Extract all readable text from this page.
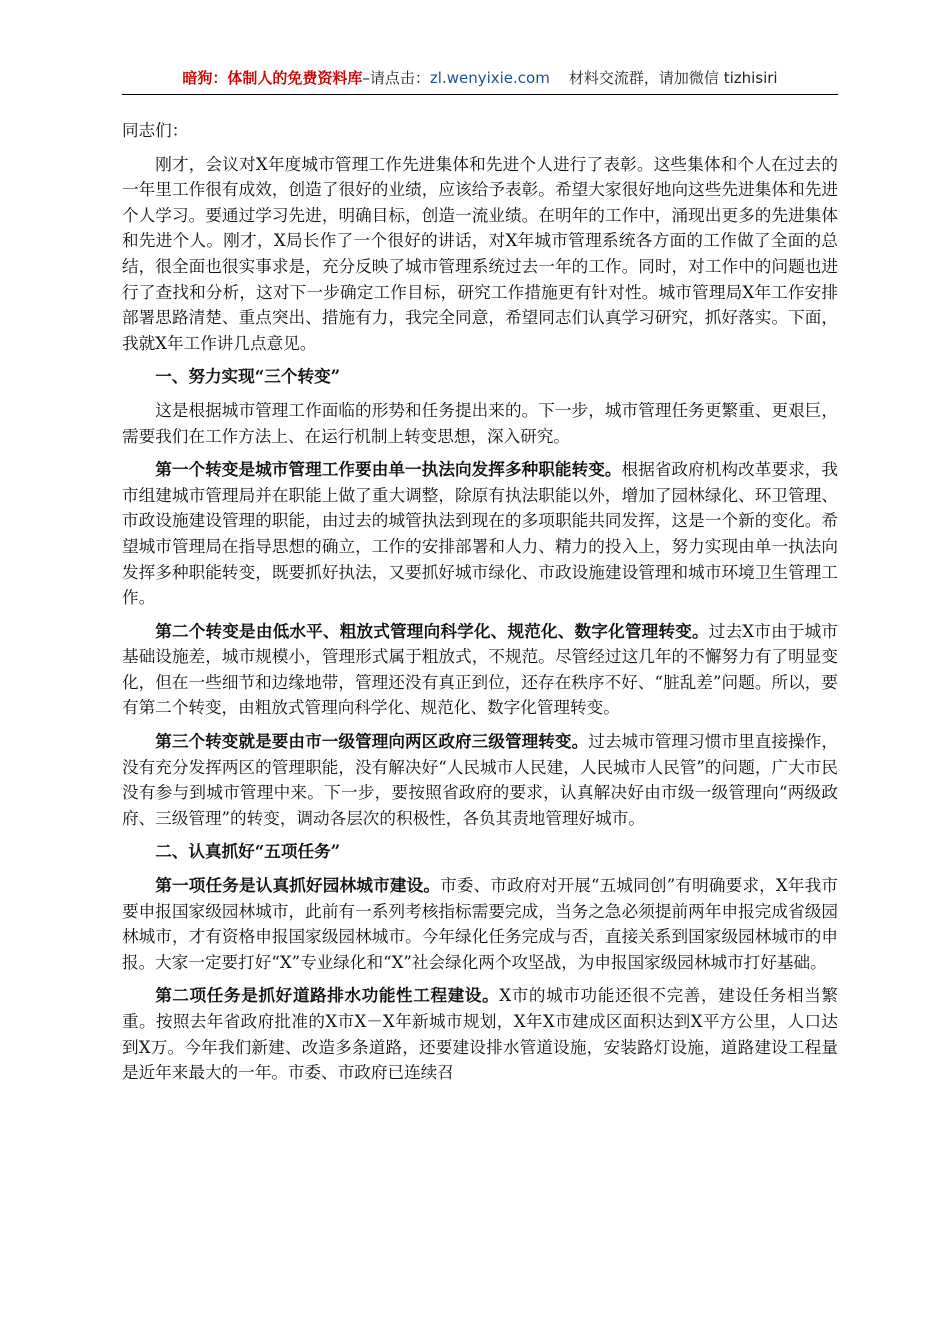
暗狗：体制人的免费资料库–请点击：zl.wenyixie.com 材料交流群，请加微信 tizhisiri

同志们：

刚才，会议对X年度城市管理工作先进集体和先进个人进行了表彰。这些集体和个人在过去的一年里工作很有成效，创造了很好的业绩，应该给予表彰。希望大家很好地向这些先进集体和先进个人学习。要通过学习先进，明确目标，创造一流业绩。在明年的工作中，涌现出更多的先进集体和先进个人。刚才，X局长作了一个很好的讲话，对X年城市管理系统各方面的工作做了全面的总结，很全面也很实事求是，充分反映了城市管理系统过去一年的工作。同时，对工作中的问题也进行了查找和分析，这对下一步确定工作目标，研究工作措施更有针对性。城市管理局X年工作安排部署思路清楚、重点突出、措施有力，我完全同意，希望同志们认真学习研究，抓好落实。下面，我就X年工作讲几点意见。

一、努力实现“三个转变”

这是根据城市管理工作面临的形势和任务提出来的。下一步，城市管理任务更繁重、更艰巨，需要我们在工作方法上、在运行机制上转变思想，深入研究。

第一个转变是城市管理工作要由单一执法向发挥多种职能转变。根据省政府机构改革要求，我市组建城市管理局并在职能上做了重大调整，除原有执法职能以外，增加了园林绿化、环卫管理、市政设施建设管理的职能，由过去的城管执法到现在的多项职能共同发挥，这是一个新的变化。希望城市管理局在指导思想的确立，工作的安排部署和人力、精力的投入上，努力实现由单一执法向发挥多种职能转变，既要抓好执法，又要抓好城市绿化、市政设施建设管理和城市环境卫生管理工作。

第二个转变是由低水平、粗放式管理向科学化、规范化、数字化管理转变。过去X市由于城市基础设施差，城市规模小，管理形式属于粗放式，不规范。尽管经过这几年的不懈努力有了明显变化，但在一些细节和边缘地带，管理还没有真正到位，还存在秩序不好、“脏乱差”问题。所以，要有第二个转变，由粗放式管理向科学化、规范化、数字化管理转变。

第三个转变就是要由市一级管理向两区政府三级管理转变。过去城市管理习惯市里直接操作，没有充分发挥两区的管理职能，没有解决好“人民城市人民建，人民城市人民管”的问题，广大市民没有参与到城市管理中来。下一步，要按照省政府的要求，认真解决好由市级一级管理向“两级政府、三级管理”的转变，调动各层次的积极性，各负其责地管理好城市。

二、认真抓好“五项任务”

第一项任务是认真抓好园林城市建设。市委、市政府对开展“五城同创”有明确要求，X年我市要申报国家级园林城市，此前有一系列考核指标需要完成，当务之急必须提前两年申报完成省级园林城市，才有资格申报国家级园林城市。今年绿化任务完成与否，直接关系到国家级园林城市的申报。大家一定要打好“X”专业绿化和“X”社会绿化两个攻坚战，为申报国家级园林城市打好基础。

第二项任务是抓好道路排水功能性工程建设。X市的城市功能还很不完善，建设任务相当繁重。按照去年省政府批准的X市X－X年新城市规划，X年X市建成区面积达到X平方公里，人口达到X万。今年我们新建、改造多条道路，还要建设排水管道设施，安装路灯设施，道路建设工程量是近年来最大的一年。市委、市政府已连续召
